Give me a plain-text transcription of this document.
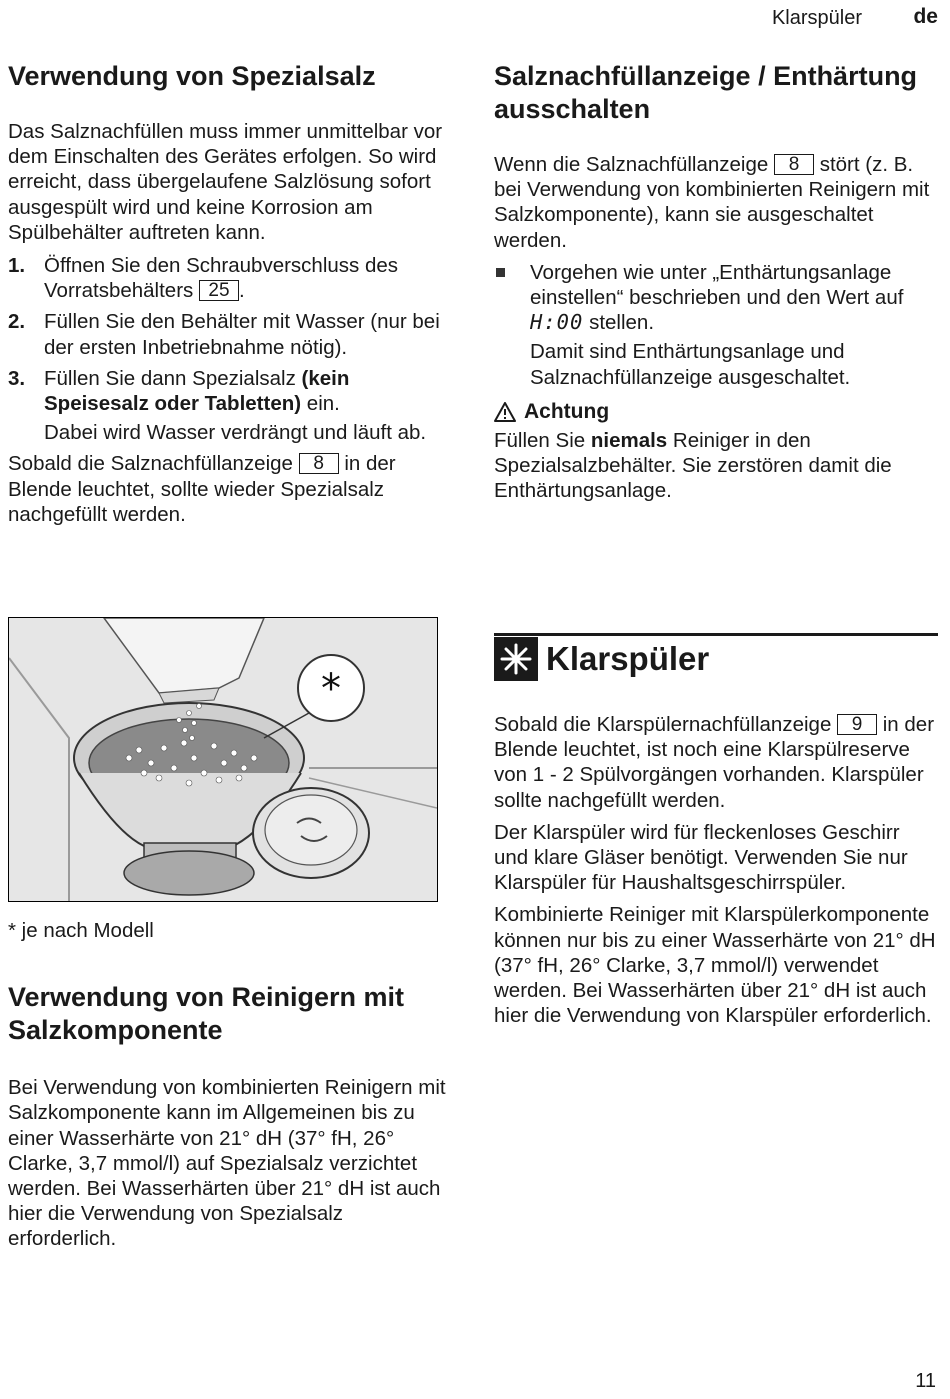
Klarspüler de
Verwendung von Spezialsalz

Das Salznachfüllen muss immer unmittelbar vor dem Einschalten des Gerätes erfolgen. So wird erreicht, dass übergelaufene Salzlösung sofort ausgespült wird und keine Korrosion am Spülbehälter auftreten kann.

1. Öffnen Sie den Schraubverschluss des Vorratsbehälters 25 .
2. Füllen Sie den Behälter mit Wasser (nur bei der ersten Inbetriebnahme nötig).
3. Füllen Sie dann Spezialsalz (kein Speisesalz oder Tabletten) ein.
Dabei wird Wasser verdrängt und läuft ab.

Sobald die Salznachfüllanzeige 8 in der Blende leuchtet, sollte wieder Spezialsalz nachgefüllt werden.

*

* je nach Modell

Verwendung von Reinigern mit Salzkomponente

Bei Verwendung von kombinierten Reinigern mit Salzkomponente kann im Allgemeinen bis zu einer Wasserhärte von 21° dH (37° fH, 26° Clarke, 3,7 mmol/l) auf Spezialsalz verzichtet werden. Bei Wasserhärten über 21° dH ist auch hier die Verwendung von Spezialsalz erforderlich.

Salznachfüllanzeige / Enthärtung ausschalten

Wenn die Salznachfüllanzeige 8 stört (z. B. bei Verwendung von kombinierten Reinigern mit Salzkomponente), kann sie ausgeschaltet werden.

Vorgehen wie unter „Enthärtungsanlage einstellen“ beschrieben und den Wert auf H:00 stellen.
Damit sind Enthärtungsanlage und Salznachfüllanzeige ausgeschaltet.
Achtung

Füllen Sie niemals Reiniger in den Spezialsalzbehälter. Sie zerstören damit die Enthärtungsanlage.

Klarspüler

Sobald die Klarspülernachfüllanzeige 9 in der Blende leuchtet, ist noch eine Klarspülreserve von 1 - 2 Spülvorgängen vorhanden. Klarspüler sollte nachgefüllt werden.

Der Klarspüler wird für fleckenloses Geschirr und klare Gläser benötigt. Verwenden Sie nur Klarspüler für Haushaltsgeschirrspüler.

Kombinierte Reiniger mit Klarspülerkomponente können nur bis zu einer Wasserhärte von 21° dH (37° fH, 26° Clarke, 3,7 mmol/l) verwendet werden. Bei Wasserhärten über 21° dH ist auch hier die Verwendung von Klarspüler erforderlich.

11
